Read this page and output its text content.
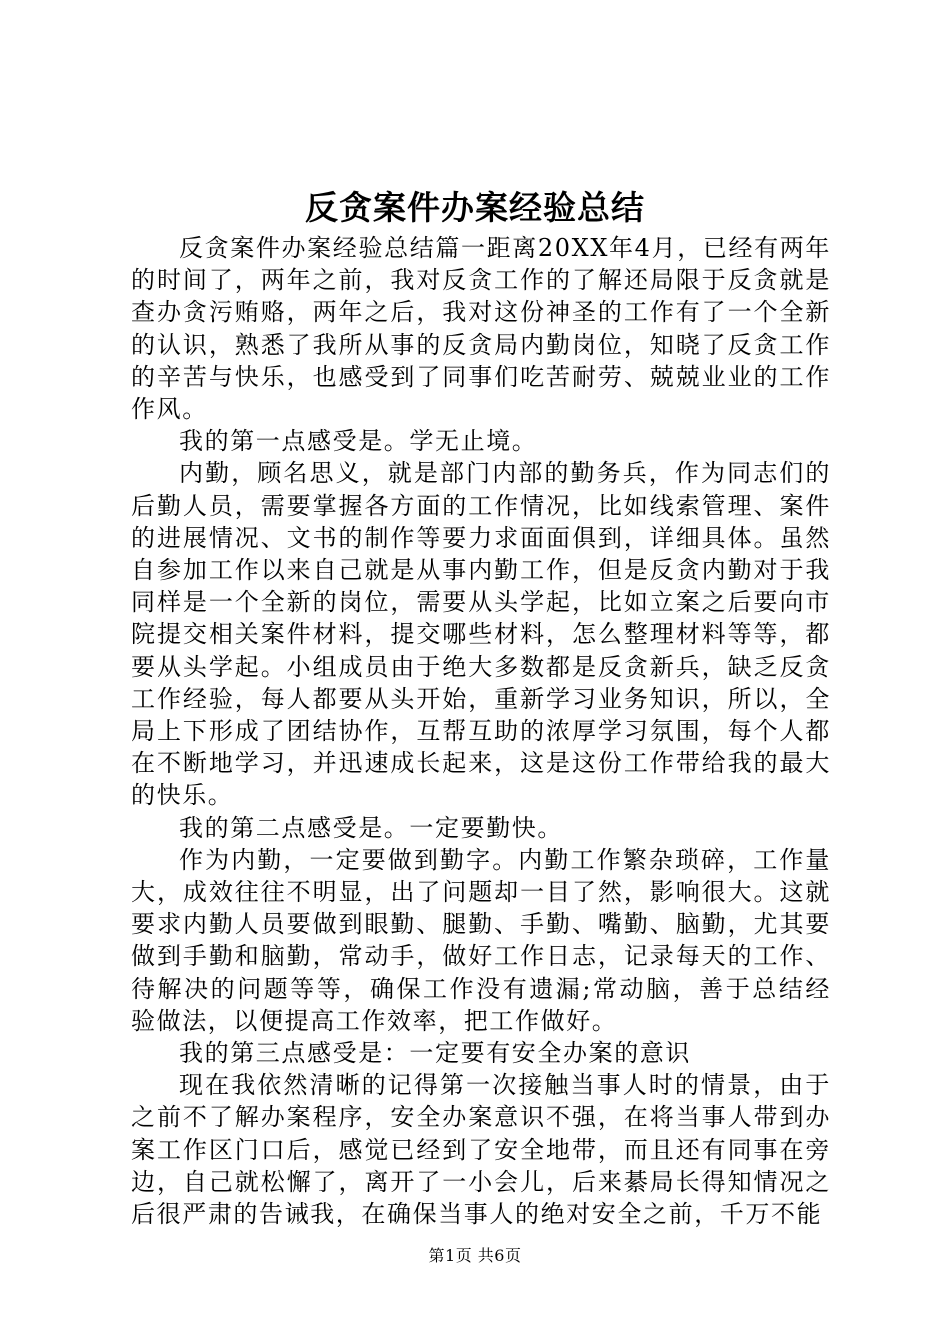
反贪案件办案经验总结

反贪案件办案经验总结篇一距离20XX年4月，已经有两年的时间了，两年之前，我对反贪工作的了解还局限于反贪就是查办贪污贿赂，两年之后，我对这份神圣的工作有了一个全新的认识，熟悉了我所从事的反贪局内勤岗位，知晓了反贪工作的辛苦与快乐，也感受到了同事们吃苦耐劳、兢兢业业的工作作风。

我的第一点感受是。学无止境。

内勤，顾名思义，就是部门内部的勤务兵，作为同志们的后勤人员，需要掌握各方面的工作情况，比如线索管理、案件的进展情况、文书的制作等要力求面面俱到，详细具体。虽然自参加工作以来自己就是从事内勤工作，但是反贪内勤对于我同样是一个全新的岗位，需要从头学起，比如立案之后要向市院提交相关案件材料，提交哪些材料，怎么整理材料等等，都要从头学起。小组成员由于绝大多数都是反贪新兵，缺乏反贪工作经验，每人都要从头开始，重新学习业务知识，所以，全局上下形成了团结协作，互帮互助的浓厚学习氛围，每个人都在不断地学习，并迅速成长起来，这是这份工作带给我的最大的快乐。

我的第二点感受是。一定要勤快。

作为内勤，一定要做到勤字。内勤工作繁杂琐碎，工作量大，成效往往不明显，出了问题却一目了然，影响很大。这就要求内勤人员要做到眼勤、腿勤、手勤、嘴勤、脑勤，尤其要做到手勤和脑勤，常动手，做好工作日志，记录每天的工作、待解决的问题等等，确保工作没有遗漏;常动脑，善于总结经验做法，以便提高工作效率，把工作做好。

我的第三点感受是：一定要有安全办案的意识

现在我依然清晰的记得第一次接触当事人时的情景，由于之前不了解办案程序，安全办案意识不强，在将当事人带到办案工作区门口后，感觉已经到了安全地带，而且还有同事在旁边，自己就松懈了，离开了一小会儿，后来綦局长得知情况之后很严肃的告诫我，在确保当事人的绝对安全之前，千万不能

第1页 共6页
